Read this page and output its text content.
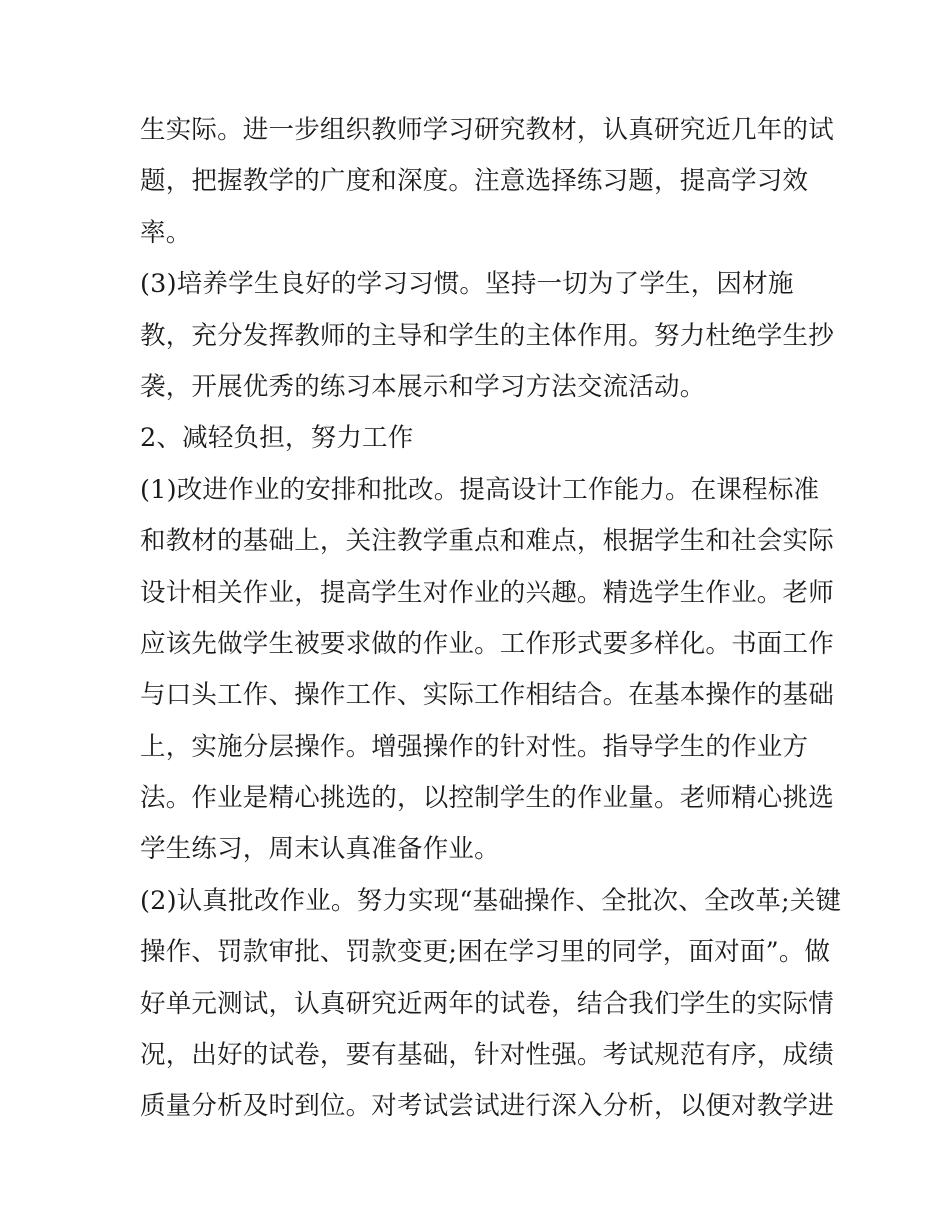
生实际。进一步组织教师学习研究教材，认真研究近几年的试
题，把握教学的广度和深度。注意选择练习题，提高学习效
率。
(3)培养学生良好的学习习惯。坚持一切为了学生，因材施
教，充分发挥教师的主导和学生的主体作用。努力杜绝学生抄
袭，开展优秀的练习本展示和学习方法交流活动。
2、减轻负担，努力工作
(1)改进作业的安排和批改。提高设计工作能力。在课程标准
和教材的基础上，关注教学重点和难点，根据学生和社会实际
设计相关作业，提高学生对作业的兴趣。精选学生作业。老师
应该先做学生被要求做的作业。工作形式要多样化。书面工作
与口头工作、操作工作、实际工作相结合。在基本操作的基础
上，实施分层操作。增强操作的针对性。指导学生的作业方
法。作业是精心挑选的，以控制学生的作业量。老师精心挑选
学生练习，周末认真准备作业。
(2)认真批改作业。努力实现“基础操作、全批次、全改革;关键
操作、罚款审批、罚款变更;困在学习里的同学，面对面”。做
好单元测试，认真研究近两年的试卷，结合我们学生的实际情
况，出好的试卷，要有基础，针对性强。考试规范有序，成绩
质量分析及时到位。对考试尝试进行深入分析，以便对教学进
